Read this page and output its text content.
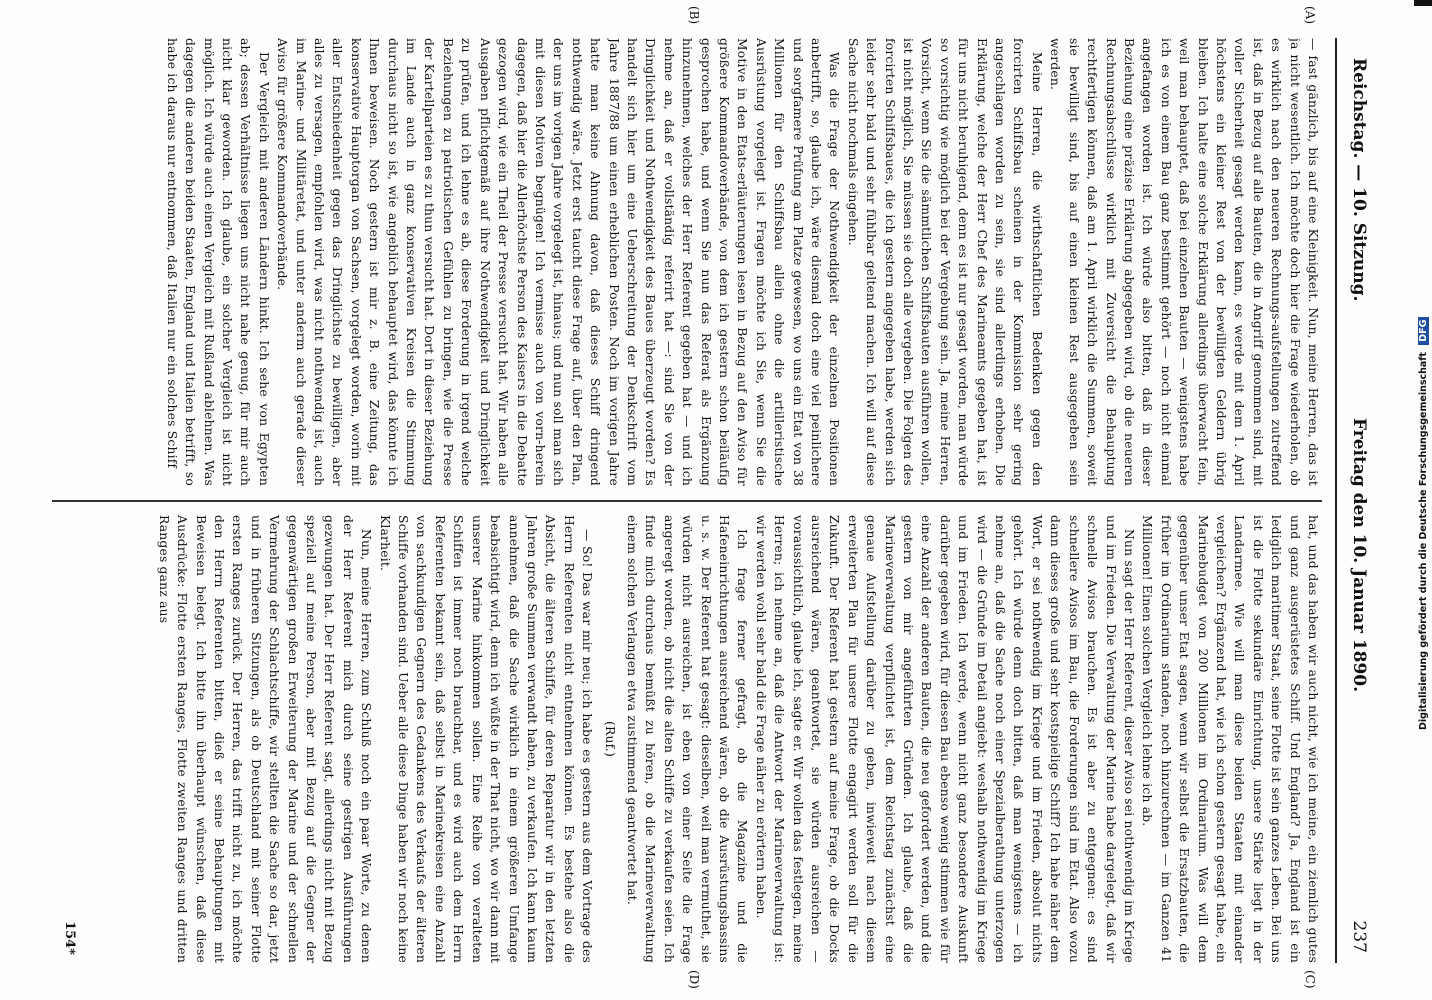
Reichstag. — 10. Sitzung.
Freitag den 10. Januar 1890.
237
(A)
(B)
(C)
(D)

— fast gänzlich, bis auf eine Kleinigkeit. Nun, meine Herren, das ist ja nicht wesentlich. Ich möchte doch hier die Frage wiederholen, ob es wirklich nach den neueren Rechnungs-aufstellungen zutreffend ist, daß in Bezug auf alle Bauten, die in Angriff genommen sind, mit voller Sicherheit gesagt werden kann, es werde mit dem 1. April höchstens ein kleiner Rest von der bewilligten Geldern übrig bleiben. Ich halte eine solche Erklärung allerdings überwacht fein, weil man behauptet, daß bei einzelnen Bauten — wenigstens habe ich es von einem Bau ganz bestimmt gehört — noch nicht einmal angefangen worden ist. Ich würde also bitten, daß in dieser Beziehung eine präzise Erklärung abgegeben wird, ob die neueren Rechnungsabschlüsse wirklich mit Zuversicht die Behauptung rechtfertigen können, daß am 1. April wirklich die Summen, soweit sie bewilligt sind, bis auf einen kleinen Rest ausgegeben sein werden.

Meine Herren, die wirthschaftlichen Bedenken gegen den forcirten Schiffsbau scheinen in der Kommission sehr gering angeschlagen worden zu sein, sie sind allerdings erhoben. Die Erklärung, welche der Herr Chef des Marineamts gegeben hat, ist für uns nicht beruhigend, denn es ist nur gesagt worden, man würde so vorsichtig wie möglich bei der Vergebung sein. Ja, meine Herren, Vorsicht, wenn Sie die sämmtlichen Schiffsbauten ausführen wollen, ist nicht möglich, Sie müssen sie doch alle vergeben. Die Folgen des forcirten Schiffsbaues, die ich gestern angegeben habe, werden sich leider sehr bald und sehr fühlbar geltend machen. Ich will auf diese Sache nicht nochmals eingehen.

Was die Frage der Nothwendigkeit der einzelnen Positionen anbetrifft, so, glaube ich, wäre diesmal doch eine viel peinlichere und sorgfamere Prüfung am Platze gewesen, wo uns ein Etat von 38 Millionen für den Schiffsbau allein ohne die artilleristische Ausrüstung vorgelegt ist. Fragen möchte ich Sie, wenn Sie die Motive in den Etats-erläuterungen lesen in Bezug auf den Aviso für größere Kommandoverbände, von dem ich gestern schon beiläufig gesprochen habe, und wenn Sie nun das Referat als Ergänzung hinzunehmen, welches der Herr Referent gegeben hat — und ich nehme an, daß er vollständig referirt hat —: sind Sie von der Dringlichkeit und Nothwendigkeit des Baues überzeugt worden? Es handelt sich hier um eine Ueberschreitung der Denkschrift vom Jahre 1887/88 um einen erheblichen Posten. Noch im vorigen Jahre hatte man keine Ahnung davon, daß dieses Schiff dringend nothwendig wäre. Jetzt erst taucht diese Frage auf, über den Plan, der uns im vorigen Jahre vorgelegt ist, hinaus; und nun soll man sich mit diesen Motiven begnügen! Ich vermisse auch von vorn-herein dagegen, daß hier die Allerhöchste Person des Kaisers in die Debatte gezogen wird, wie ein Theil der Presse versucht hat. Wir haben alle Ausgaben pflichtgemäß auf ihre Nothwendigkeit und Dringlichkeit zu prüfen, und ich lehne es ab, diese Forderung in irgend welche Beziehungen zu patriotischen Gefühlen zu bringen, wie die Presse der Kartellparteien es zu thun versucht hat. Dort in dieser Beziehung im Lande auch in ganz konservativen Kreisen die Stimmung durchaus nicht so ist, wie angeblich behauptet wird, das könnte ich Ihnen beweisen. Noch gestern ist mir z. B. eine Zeitung, das konservative Hauptorgan von Sachsen, vorgelegt worden, worin mit aller Entschiedenheit gegen das Dringlichste zu bewilligen, aber alles zu versagen, empfohlen wird, was nicht nothwendig ist, auch im Marine- und Militäretat, und unter anderm auch gerade dieser Aviso für größere Kommandoverbände.

Der Vergleich mit anderen Ländern hinkt. Ich sehe von Egypten ab; dessen Verhältnisse liegen uns nicht nahe genug, für mir auch nicht klar geworden. Ich glaube, ein solcher Vergleich ist nicht möglich. Ich würde auch einen Vergleich mit Rußland ablehnen. Was dagegen die anderen beiden Staaten, England und Italien betrifft, so habe ich daraus nur entnommen, daß Italien nur ein solches Schiff

hat, und das haben wir auch nicht, wie ich meine, ein ziemlich gutes und ganz ausgerüstetes Schiff. Und England? Ja, England ist ein lediglich maritimer Staat, seine Flotte ist sein ganzes Leben. Bei uns ist die Flotte sekundäre Einrichtung, unsere Stärke liegt in der Landarmee. Wie will man diese beiden Staaten mit einander vergleichen? Ergänzend hat, wie ich schon gestern gesagt habe, ein Marinebudget von 200 Millionen im Ordinarium. Was will dem gegenüber unser Etat sagen, wenn wir selbst die Ersatzbauten, die früher im Ordinarium standen, noch hinzurechnen — im Ganzen 41 Millionen! Einen solchen Vergleich lehne ich ab.

Nun sagt der Herr Referent, dieser Aviso sei nothwendig im Kriege und im Frieden. Die Verwaltung der Marine habe dargelegt, daß wir schnelle Avisos brauchen. Es ist aber zu entgegnen: es sind schnellere Avisos im Bau, die Forderungen sind im Etat. Also wozu dann dieses große und sehr kostspielige Schiff? Ich habe näher dem Wort, er sei nothwendig im Kriege und im Frieden, absolut nichts gehört. Ich würde denn doch bitten, daß man wenigstens — ich nehme an, daß die Sache noch einer Spezialberathung unterzogen wird — die Gründe im Detail angiebt: weshalb nothwendig im Kriege und im Frieden. Ich werde, wenn nicht ganz besondere Auskunft darüber gegeben wird, für diesen Bau ebenso wenig stimmen wie für eine Anzahl der anderen Bauten, die neu gefordert werden, und die gestern von mir angeführten Gründen. Ich glaube, daß die Marineverwaltung verpflichtet ist, dem Reichstag zunächst eine genaue Aufstellung darüber zu geben, inwieweit nach diesem erweiterten Plan für unsere Flotte engagirt werden soll für die Zukunft. Der Referent hat gestern auf meine Frage, ob die Docks ausreichend wären, geantwortet, sie würden ausreichen — voraussichtlich, glaube ich, sagte er. Wir wollen das festlegen, meine Herren; ich nehme an, daß die Antwort der Marineverwaltung ist: wir werden wohl sehr bald die Frage näher zu erörtern haben.

Ich frage ferner gefragt, ob die Magazine und die Hafeneinrichtungen ausreichend wären, ob die Ausrüstungsbassins u. s. w. Der Referent hat gesagt: dieselben, weil man vermuthet, sie würden nicht ausreichen, ist eben von einer Seite die Frage angeregt worden, ob nicht die alten Schiffe zu verkaufen seien. Ich finde mich durchaus bemüßt zu hören, ob die Marineverwaltung einem solchen Verlangen etwa zustimmend geantwortet hat.

(Ruf.)

— So! Das war mir neu; ich habe es gestern aus dem Vortrage des Herrn Referenten nicht entnehmen können. Es bestehe also die Absicht, die älteren Schiffe, für deren Reparatur wir in den letzten Jahren große Summen verwandt haben, zu verkaufen. Ich kann kaum annehmen, daß die Sache wirklich in einem größeren Umfange beabsichtigt wird, denn ich wüßte in der That nicht, wo wir dann mit unserer Marine hinkommen sollen. Eine Reihe von veralteten Schiffen ist immer noch brauchbar, und es wird auch dem Herrn Referenten bekannt sein, daß selbst in Marinekreisen eine Anzahl von sachkundigen Gegnern des Gedankens des Verkaufs der älteren Schiffe vorhanden sind. Ueber alle diese Dinge haben wir noch keine Klarheit.

Nun, meine Herren, zum Schluß noch ein paar Worte, zu denen der Herr Referent mich durch seine gestrigen Ausführungen gezwungen hat. Der Herr Referent sagt, allerdings nicht mit Bezug speziell auf meine Person, aber mit Bezug auf die Gegner der gegenwärtigen großen Erweiterung der Marine und der schnellen Vermehrung der Schlachtschiffe, wir stellten die Sache so dar, jetzt und in früheren Sitzungen, als ob Deutschland mit seiner Flotte ersten Ranges zurück. Der Herren, das trifft nicht zu, ich möchte den Herrn Referenten bitten, dieß er seine Behauptungen mit Beweisen belegt. Ich bitte ihn überhaupt wünschen, daß diese Ausdrücke: Flotte ersten Ranges, Flotte zweiten Ranges und dritten Ranges ganz aus

154*
Digitalisierung gefördert durch die Deutsche Forschungsgemeinschaft DFG
